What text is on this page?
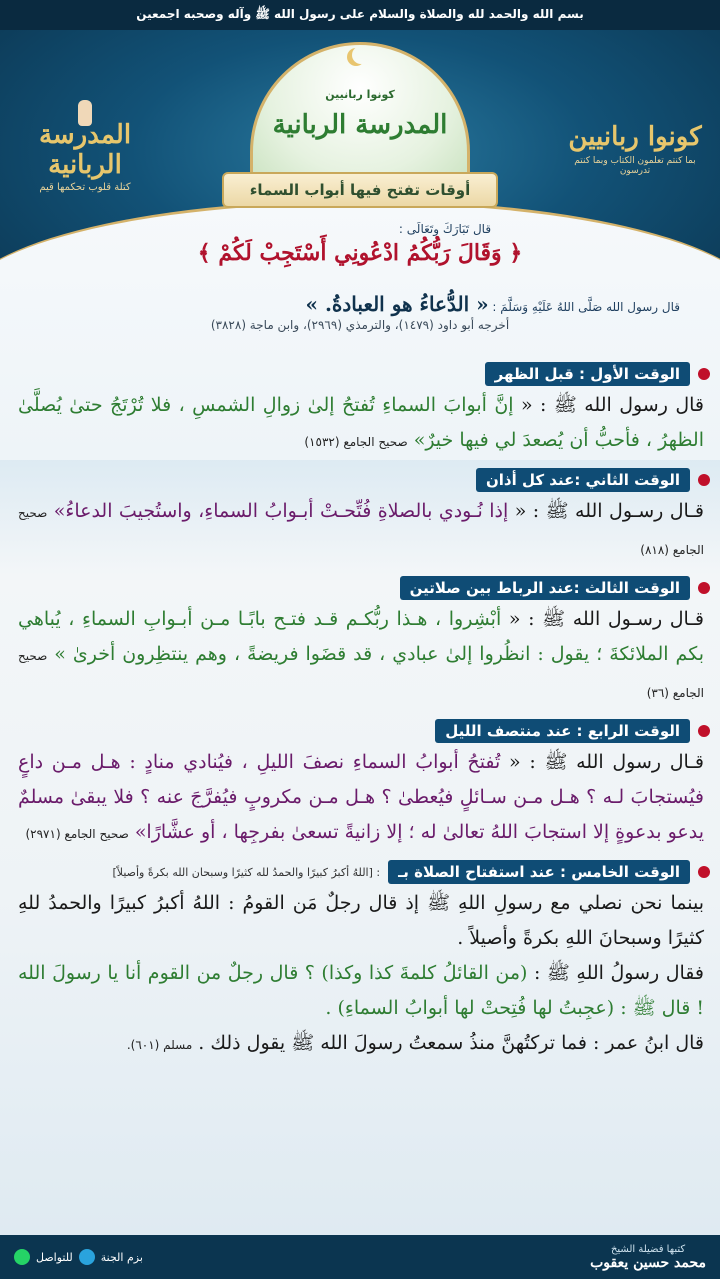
بسم الله والحمد لله والصلاة والسلام على رسول الله ﷺ وآله وصحبه اجمعين
كونوا ربانيين
المدرسة الربانية
أوقات تفتح فيها أبواب السماء
المدرسة الربانية
كتلة قلوب تحكمها قيم
كونوا ربانيين
بما كنتم تعلمون الكتاب وبما كنتم تدرسون
قال تَبَارَكَ وتَعَالَى :
﴿ وَقَالَ رَبُّكُمُ ادْعُونِي أَسْتَجِبْ لَكُمْ ﴾
قال رسول الله صَلَّى اللهُ عَلَيْهِ وَسَلَّمَ : « الدُّعاءُ هو العبادةُ. »
أخرجه أبو داود (١٤٧٩)، والترمذي (٢٩٦٩)، وابن ماجة (٣٨٢٨)
الوقت الأول : قبل الظهر
قال رسول الله ﷺ : « إنَّ أبوابَ السماءِ تُفتحُ إلىٰ زوالِ الشمسِ ، فلا تُرْتَجُ حتىٰ يُصلَّىٰ الظهرُ ، فأحبُّ أن يُصعدَ لي فيها خيرٌ» صحيح الجامع (١٥٣٢)
الوقت الثاني :عند كل أذان
قـال رسـول الله ﷺ : « إذا نُـودي بالصلاةِ فُتِّحـتْ أبـوابُ السماءِ، واستُجيبَ الدعاءُ» صحيح الجامع (٨١٨)
الوقت الثالث :عند الرباط بين صلاتين
قـال رسـول الله ﷺ : « أبْشِروا ، هـذا ربُّكـم قـد فتـح بابًـا مـن أبـوابِ السماءِ ، يُباهي بكم الملائكةَ ؛ يقول : انظُروا إلىٰ عبادي ، قد قضَوا فريضةً ، وهم ينتظِرون أخرىٰ » صحيح الجامع (٣٦)
الوقت الرابع : عند منتصف الليل
قـال رسول الله ﷺ : « تُفتحُ أبوابُ السماءِ نصفَ الليلِ ، فيُنادي منادٍ : هـل مـن داعٍ فيُستجابَ لـه ؟ هـل مـن سـائلٍ فيُعطىٰ ؟ هـل مـن مكروبٍ فيُفرَّجَ عنه ؟ فلا يبقىٰ مسلمٌ يدعو بدعوةٍ إلا استجابَ اللهُ تعالىٰ له ؛ إلا زانيةً تسعىٰ بفرجِها ، أو عشَّارًا» صحيح الجامع (٢٩٧١)
الوقت الخامس : عند استفتاح الصلاة بـ
: [اللهُ أكبرُ كبيرًا والحمدُ لله كثيرًا وسبحان الله بكرةً وأصيلاً]
بينما نحن نصلي مع رسولِ اللهِ ﷺ إذ قال رجلٌ مَن القومُ : اللهُ أكبرُ كبيرًا والحمدُ للهِ كثيرًا وسبحانَ اللهِ بكرةً وأصيلاً .
فقال رسولُ اللهِ ﷺ : (من القائلُ كلمةَ كذا وكذا) ؟ قال رجلٌ من القوم أنا يا رسولَ الله ! قال ﷺ : (عجِبتُ لها فُتِحتْ لها أبوابُ السماءِ) .
قال ابنُ عمر : فما تركتُهنَّ منذُ سمعتُ رسولَ الله ﷺ يقول ذلك . مسلم (٦٠١).
كتبها فضيلة الشيخ
محمد حسين يعقوب
بزم الجنة
للتواصل
